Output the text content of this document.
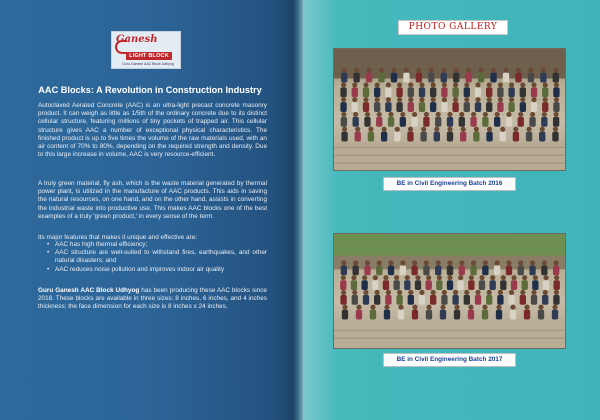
Ganesh
LIGHT BLOCK
Guru Ganesh AAC Block Udhyog
AAC Blocks: A Revolution in Construction Industry

Autoclaved Aerated Concrete (AAC) is an ultra-light precast concrete masonry product. It can weigh as little as 1/5th of the ordinary concrete due to its distinct cellular structure, featuring millions of tiny pockets of trapped air. This cellular structure gives AAC a number of exceptional physical characteristics. The finished product is up to five times the volume of the raw materials used, with an air content of 70% to 80%, depending on the required strength and density. Due to this large increase in volume, AAC is very resource-efficient.

A truly green material, fly ash, which is the waste material generated by thermal power plant, is utilized in the manufacture of AAC products. This aids in saving the natural resources, on one hand, and on the other hand, assists in converting the industrial waste into productive use. This makes AAC blocks one of the best examples of a truly 'green product,' in every sense of the term.

Its major features that makes it unique and effective are:

• AAC has high thermal efficiency;
• AAC structure are well-suited to withstand fires, earthquakes, and other natural disasters; and
• AAC reduces noise pollution and improves indoor air quality

Guru Ganesh AAC Block Udhyog has been producing these AAC blocks since 2018. These blocks are available in three sizes: 8 inches, 6 inches, and 4 inches thickness; the face dimension for each size is 8 inches x 24 inches.

PHOTO GALLERY
BE in Civil Engineering Batch 2016
BE in Civil Engineering Batch 2017
